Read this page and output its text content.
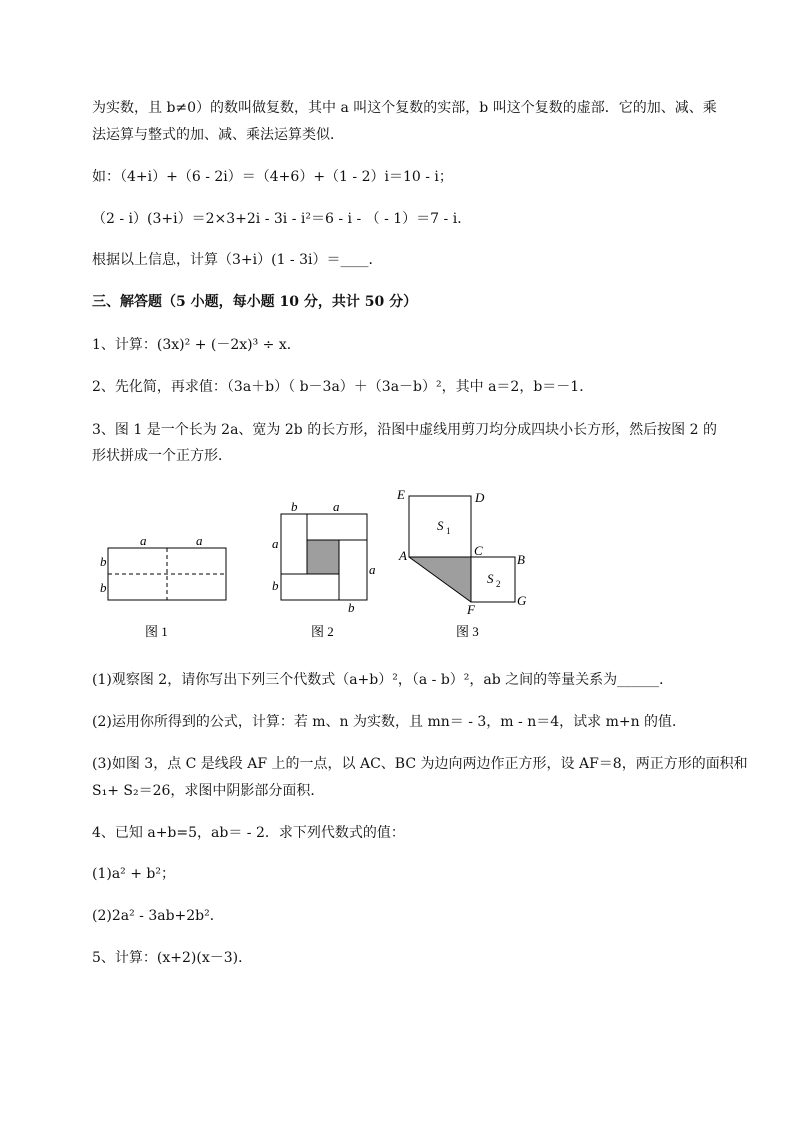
为实数，且 b≠0）的数叫做复数，其中 a 叫这个复数的实部，b 叫这个复数的虚部．它的加、减、乘
法运算与整式的加、减、乘法运算类似．
如：（4+i）+（6 - 2i）＝（4+6）+（1 - 2）i＝10 - i；
（2 - i）(3+i）＝2×3+2i - 3i - i²＝6 - i - （ - 1）＝7 - i．
根据以上信息，计算（3+i）(1 - 3i）＝____．
三、解答题（5 小题，每小题 10 分，共计 50 分）
1、计算：(3x)² + (－2x)³ ÷ x．
2、先化简，再求值：（3a＋b）（ b－3a）＋（3a－b）²，其中 a＝2，b＝－1．
3、图 1 是一个长为 2a、宽为 2b 的长方形，沿图中虚线用剪刀均分成四块小长方形，然后按图 2 的
形状拼成一个正方形．
a	a
b
b
图 1
b	a
a
b
a
b
图 2
E	D
A	C
B
F
G
S 1
S 2
图 3
(1)观察图 2，请你写出下列三个代数式（a+b）²，（a - b）²，ab 之间的等量关系为______．
(2)运用你所得到的公式，计算：若 m、n 为实数，且 mn＝ - 3，m - n＝4，试求 m+n 的值．
(3)如图 3，点 C 是线段 AF 上的一点，以 AC、BC 为边向两边作正方形，设 AF＝8，两正方形的面积和
S₁+ S₂＝26，求图中阴影部分面积．
4、已知 a+b=5，ab＝ - 2．求下列代数式的值：
(1)a² + b²；
(2)2a² - 3ab+2b²．
5、计算：(x+2)(x－3)．
